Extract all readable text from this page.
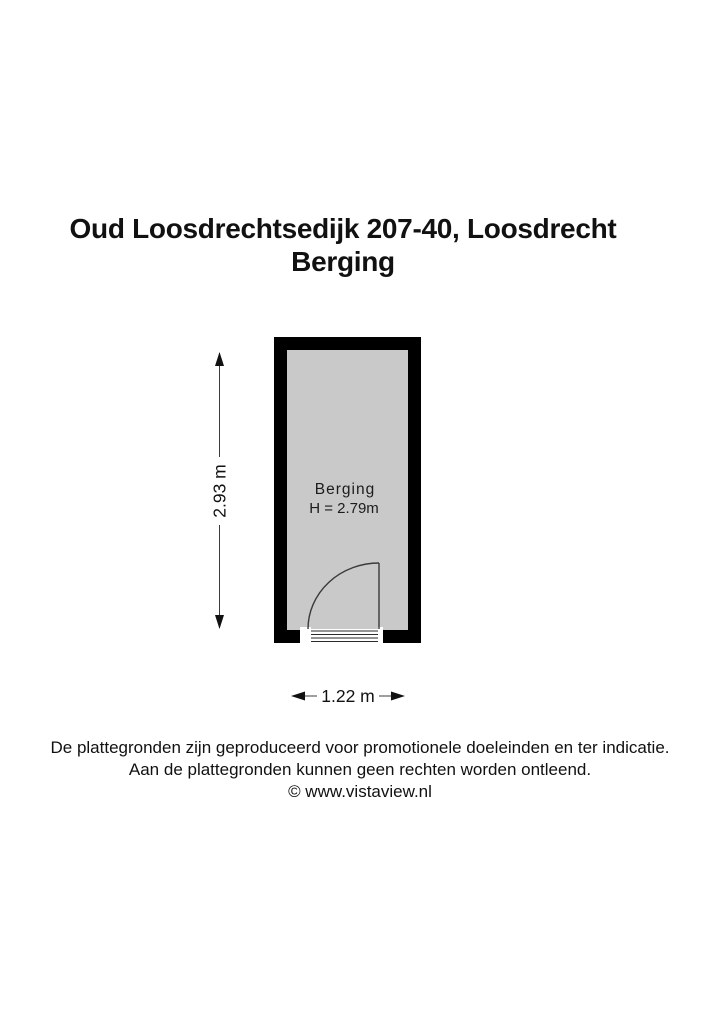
Oud Loosdrechtsedijk 207-40, Loosdrecht
Berging
Berging
H = 2.79m
2.93 m
1.22 m
De plattegronden zijn geproduceerd voor promotionele doeleinden en ter indicatie.
Aan de plattegronden kunnen geen rechten worden ontleend.
© www.vistaview.nl
